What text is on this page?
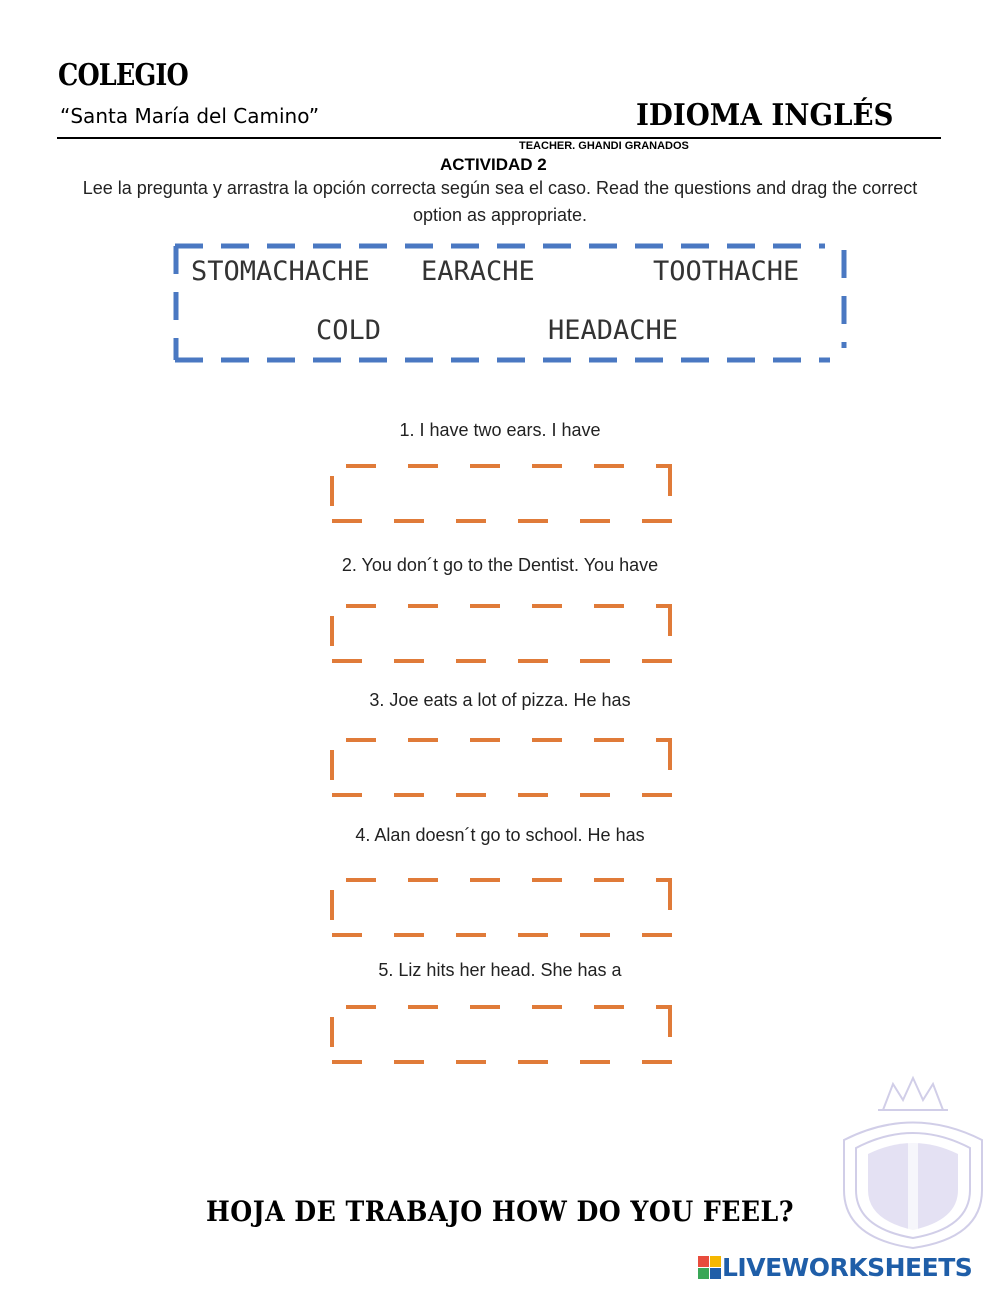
COLEGIO
“Santa María del Camino”	IDIOMA INGLÉS
TEACHER. GHANDI GRANADOS
ACTIVIDAD 2
Lee la pregunta y arrastra la opción correcta según sea el caso. Read the questions and drag the correct option as appropriate.
STOMACHACHE EARACHE	TOOTHACHE
COLD	HEADACHE
1. I have two ears. I have
2. You don´t go to the Dentist. You have
3. Joe eats a lot of pizza. He has
4. Alan doesn´t go to school. He has
5. Liz hits her head. She has a
HOJA DE TRABAJO HOW DO YOU FEEL?
LIVEWORKSHEETS
